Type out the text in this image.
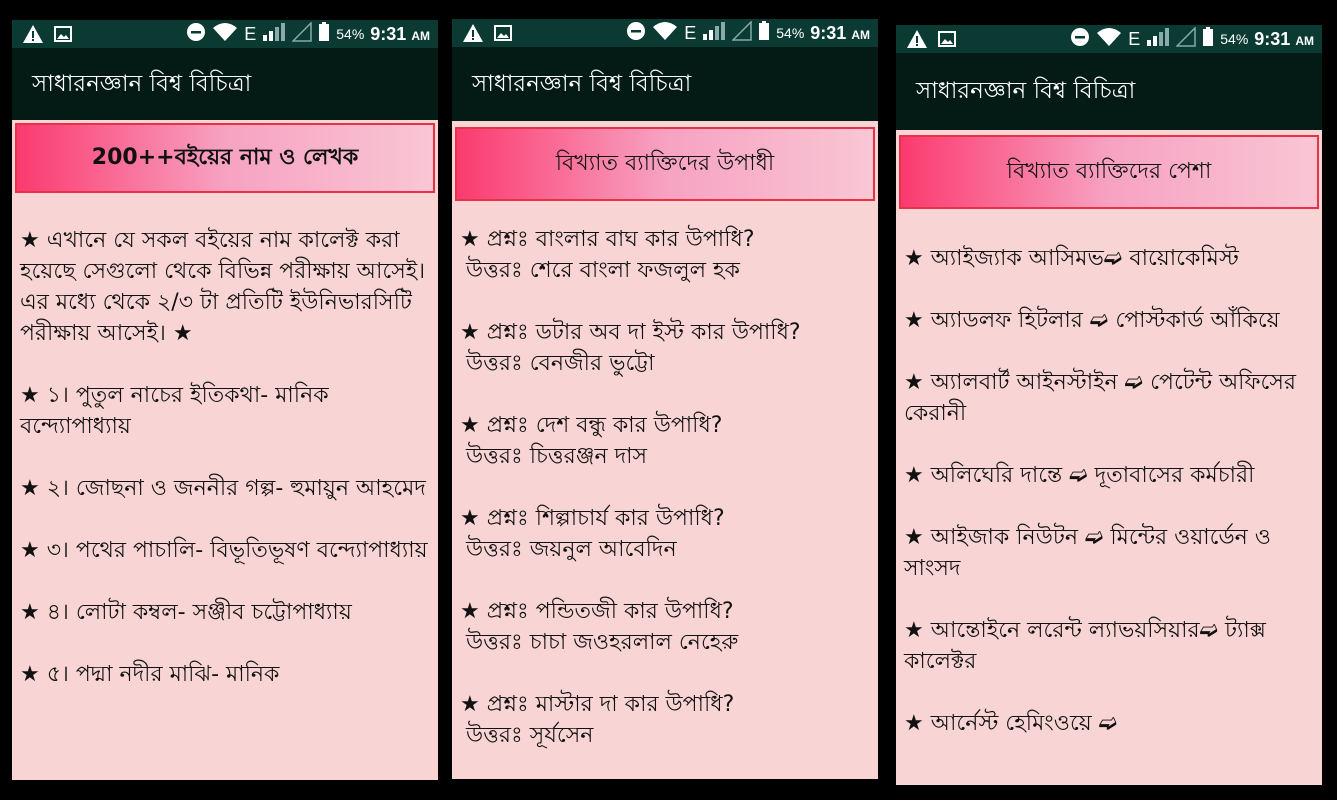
E	54% 9:31 AM
সাধারনজ্ঞান বিশ্ব বিচিত্রা
200++বইয়ের নাম ও লেখক
★ এখানে যে সকল বইয়ের নাম কালেক্ট করা হয়েছে সেগুলো থেকে বিভিন্ন পরীক্ষায় আসেই। এর মধ্যে থেকে ২/৩ টা প্রতিটি ইউনিভারসিটি পরীক্ষায় আসেই। ★
★ ১। পুতুল নাচের ইতিকথা- মানিক বন্দ্যোপাধ্যায়
★ ২। জোছনা ও জননীর গল্প- হুমায়ুন আহমেদ
★ ৩। পথের পাচালি- বিভূতিভূষণ বন্দ্যোপাধ্যায়
★ ৪। লোটা কম্বল- সঞ্জীব চট্টোপাধ্যায়
★ ৫। পদ্মা নদীর মাঝি- মানিক
E	54% 9:31 AM
সাধারনজ্ঞান বিশ্ব বিচিত্রা
বিখ্যাত ব্যাক্তিদের উপাধী
★ প্রশ্নঃ বাংলার বাঘ কার উপাধি?
উত্তরঃ শেরে বাংলা ফজলুল হক
★ প্রশ্নঃ ডটার অব দা ইস্ট কার উপাধি?
উত্তরঃ বেনজীর ভুট্টো
★ প্রশ্নঃ দেশ বন্ধু কার উপাধি?
উত্তরঃ চিত্তরঞ্জন দাস
★ প্রশ্নঃ শিল্পাচার্য কার উপাধি?
উত্তরঃ জয়নুল আবেদিন
★ প্রশ্নঃ পন্ডিতজী কার উপাধি?
উত্তরঃ চাচা জওহরলাল নেহেরু
★ প্রশ্নঃ মাস্টার দা কার উপাধি?
উত্তরঃ সূর্যসেন
E	54% 9:31 AM
সাধারনজ্ঞান বিশ্ব বিচিত্রা
বিখ্যাত ব্যাক্তিদের পেশা
★ অ্যাইজ্যাক আসিমভ➫ বায়োকেমিস্ট
★ অ্যাডলফ হিটলার ➫ পোস্টকার্ড আঁকিয়ে
★ অ্যালবার্ট আইনস্টাইন ➫ পেটেন্ট অফিসের কেরানী
★ অলিঘেরি দান্তে ➫ দূতাবাসের কর্মচারী
★ আইজাক নিউটন ➫ মিন্টের ওয়ার্ডেন ও সাংসদ
★ আন্তোইনে লরেন্ট ল্যাভয়সিয়ার➫ ট্যাক্স কালেক্টর
★ আর্নেস্ট হেমিংওয়ে ➫
